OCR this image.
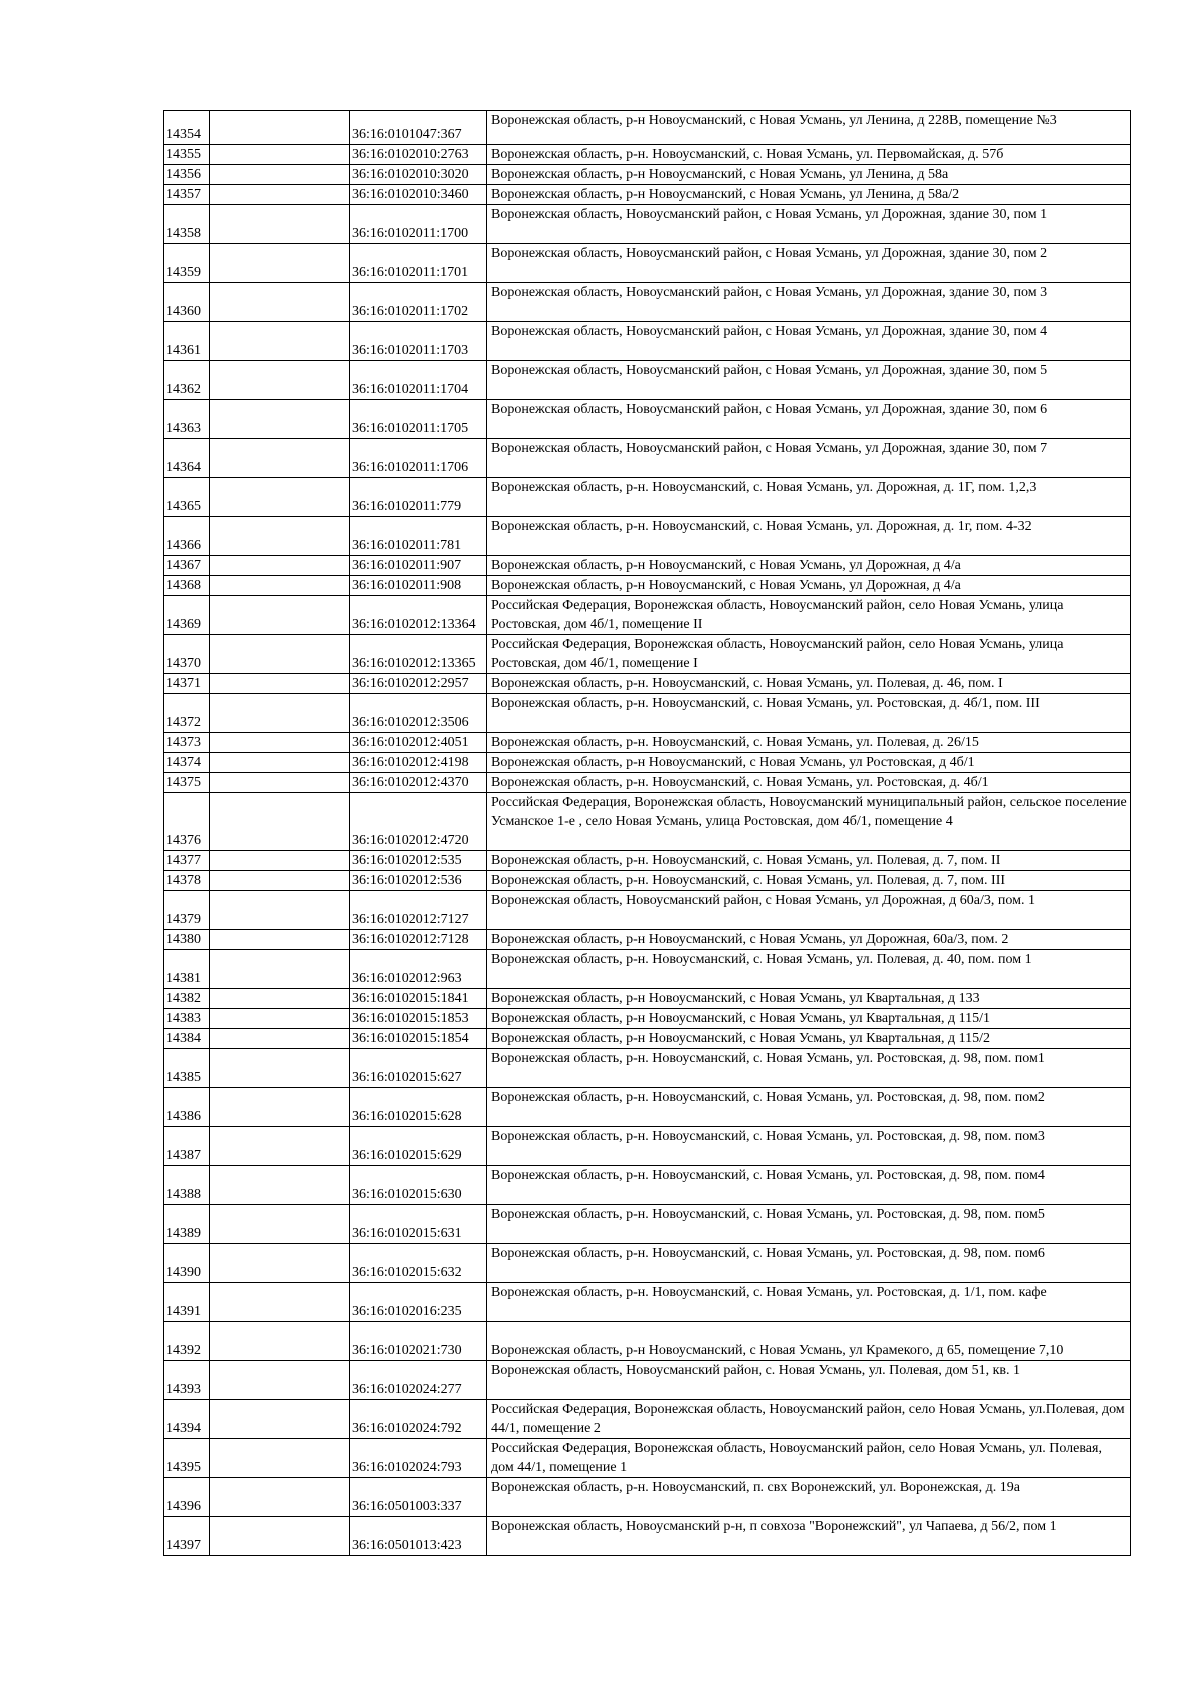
14354		36:16:0101047:367	Воронежская область, р-н Новоусманский, с Новая Усмань, ул Ленина, д 228В, помещение №3
14355		36:16:0102010:2763	Воронежская область, р-н. Новоусманский, с. Новая Усмань, ул. Первомайская, д. 57б
14356		36:16:0102010:3020	Воронежская область, р-н Новоусманский, с Новая Усмань, ул Ленина, д 58а
14357		36:16:0102010:3460	Воронежская область, р-н Новоусманский, с Новая Усмань, ул Ленина, д 58а/2
14358		36:16:0102011:1700	Воронежская область, Новоусманский район, с Новая Усмань, ул Дорожная, здание 30, пом 1
14359		36:16:0102011:1701	Воронежская область, Новоусманский район, с Новая Усмань, ул Дорожная, здание 30, пом 2
14360		36:16:0102011:1702	Воронежская область, Новоусманский район, с Новая Усмань, ул Дорожная, здание 30, пом 3
14361		36:16:0102011:1703	Воронежская область, Новоусманский район, с Новая Усмань, ул Дорожная, здание 30, пом 4
14362		36:16:0102011:1704	Воронежская область, Новоусманский район, с Новая Усмань, ул Дорожная, здание 30, пом 5
14363		36:16:0102011:1705	Воронежская область, Новоусманский район, с Новая Усмань, ул Дорожная, здание 30, пом 6
14364		36:16:0102011:1706	Воронежская область, Новоусманский район, с Новая Усмань, ул Дорожная, здание 30, пом 7
14365		36:16:0102011:779	Воронежская область, р-н. Новоусманский, с. Новая Усмань, ул. Дорожная, д. 1Г, пом. 1,2,3
14366		36:16:0102011:781	Воронежская область, р-н. Новоусманский, с. Новая Усмань, ул. Дорожная, д. 1г, пом. 4-32
14367		36:16:0102011:907	Воронежская область, р-н Новоусманский, с Новая Усмань, ул Дорожная, д 4/а
14368		36:16:0102011:908	Воронежская область, р-н Новоусманский, с Новая Усмань, ул Дорожная, д 4/а
14369		36:16:0102012:13364	Российская Федерация, Воронежская область, Новоусманский район, село Новая Усмань, улица Ростовская, дом 4б/1, помещение II
14370		36:16:0102012:13365	Российская Федерация, Воронежская область, Новоусманский район, село Новая Усмань, улица Ростовская, дом 4б/1, помещение I
14371		36:16:0102012:2957	Воронежская область, р-н. Новоусманский, с. Новая Усмань, ул. Полевая, д. 46, пом. I
14372		36:16:0102012:3506	Воронежская область, р-н. Новоусманский, с. Новая Усмань, ул. Ростовская, д. 4б/1, пом. III
14373		36:16:0102012:4051	Воронежская область, р-н. Новоусманский, с. Новая Усмань, ул. Полевая, д. 26/15
14374		36:16:0102012:4198	Воронежская область, р-н Новоусманский, с Новая Усмань, ул Ростовская, д 4б/1
14375		36:16:0102012:4370	Воронежская область, р-н. Новоусманский, с. Новая Усмань, ул. Ростовская, д. 4б/1
14376		36:16:0102012:4720	Российская Федерация, Воронежская область, Новоусманский муниципальный район, сельское поселение Усманское 1-е , село Новая Усмань, улица Ростовская, дом 4б/1, помещение 4
14377		36:16:0102012:535	Воронежская область, р-н. Новоусманский, с. Новая Усмань, ул. Полевая, д. 7, пом. II
14378		36:16:0102012:536	Воронежская область, р-н. Новоусманский, с. Новая Усмань, ул. Полевая, д. 7, пом. III
14379		36:16:0102012:7127	Воронежская область, Новоусманский район, с Новая Усмань, ул Дорожная, д 60а/3, пом. 1
14380		36:16:0102012:7128	Воронежская область, р-н Новоусманский, с Новая Усмань, ул Дорожная, 60а/3, пом. 2
14381		36:16:0102012:963	Воронежская область, р-н. Новоусманский, с. Новая Усмань, ул. Полевая, д. 40, пом. пом 1
14382		36:16:0102015:1841	Воронежская область, р-н Новоусманский, с Новая Усмань, ул Квартальная, д 133
14383		36:16:0102015:1853	Воронежская область, р-н Новоусманский, с Новая Усмань, ул Квартальная, д 115/1
14384		36:16:0102015:1854	Воронежская область, р-н Новоусманский, с Новая Усмань, ул Квартальная, д 115/2
14385		36:16:0102015:627	Воронежская область, р-н. Новоусманский, с. Новая Усмань, ул. Ростовская, д. 98, пом. пом1
14386		36:16:0102015:628	Воронежская область, р-н. Новоусманский, с. Новая Усмань, ул. Ростовская, д. 98, пом. пом2
14387		36:16:0102015:629	Воронежская область, р-н. Новоусманский, с. Новая Усмань, ул. Ростовская, д. 98, пом. пом3
14388		36:16:0102015:630	Воронежская область, р-н. Новоусманский, с. Новая Усмань, ул. Ростовская, д. 98, пом. пом4
14389		36:16:0102015:631	Воронежская область, р-н. Новоусманский, с. Новая Усмань, ул. Ростовская, д. 98, пом. пом5
14390		36:16:0102015:632	Воронежская область, р-н. Новоусманский, с. Новая Усмань, ул. Ростовская, д. 98, пом. пом6
14391		36:16:0102016:235	Воронежская область, р-н. Новоусманский, с. Новая Усмань, ул. Ростовская, д. 1/1, пом. кафе
14392		36:16:0102021:730	Воронежская область, р-н Новоусманский, с Новая Усмань, ул Крамекого, д 65, помещение 7,10
14393		36:16:0102024:277	Воронежская область, Новоусманский район, с. Новая Усмань, ул. Полевая, дом 51, кв. 1
14394		36:16:0102024:792	Российская Федерация, Воронежская область, Новоусманский район, село Новая Усмань, ул.Полевая, дом 44/1, помещение 2
14395		36:16:0102024:793	Российская Федерация, Воронежская область, Новоусманский район, село Новая Усмань, ул. Полевая, дом 44/1, помещение 1
14396		36:16:0501003:337	Воронежская область, р-н. Новоусманский, п. свх Воронежский, ул. Воронежская, д. 19а
14397		36:16:0501013:423	Воронежская область, Новоусманский р-н, п совхоза "Воронежский", ул Чапаева, д 56/2, пом 1
